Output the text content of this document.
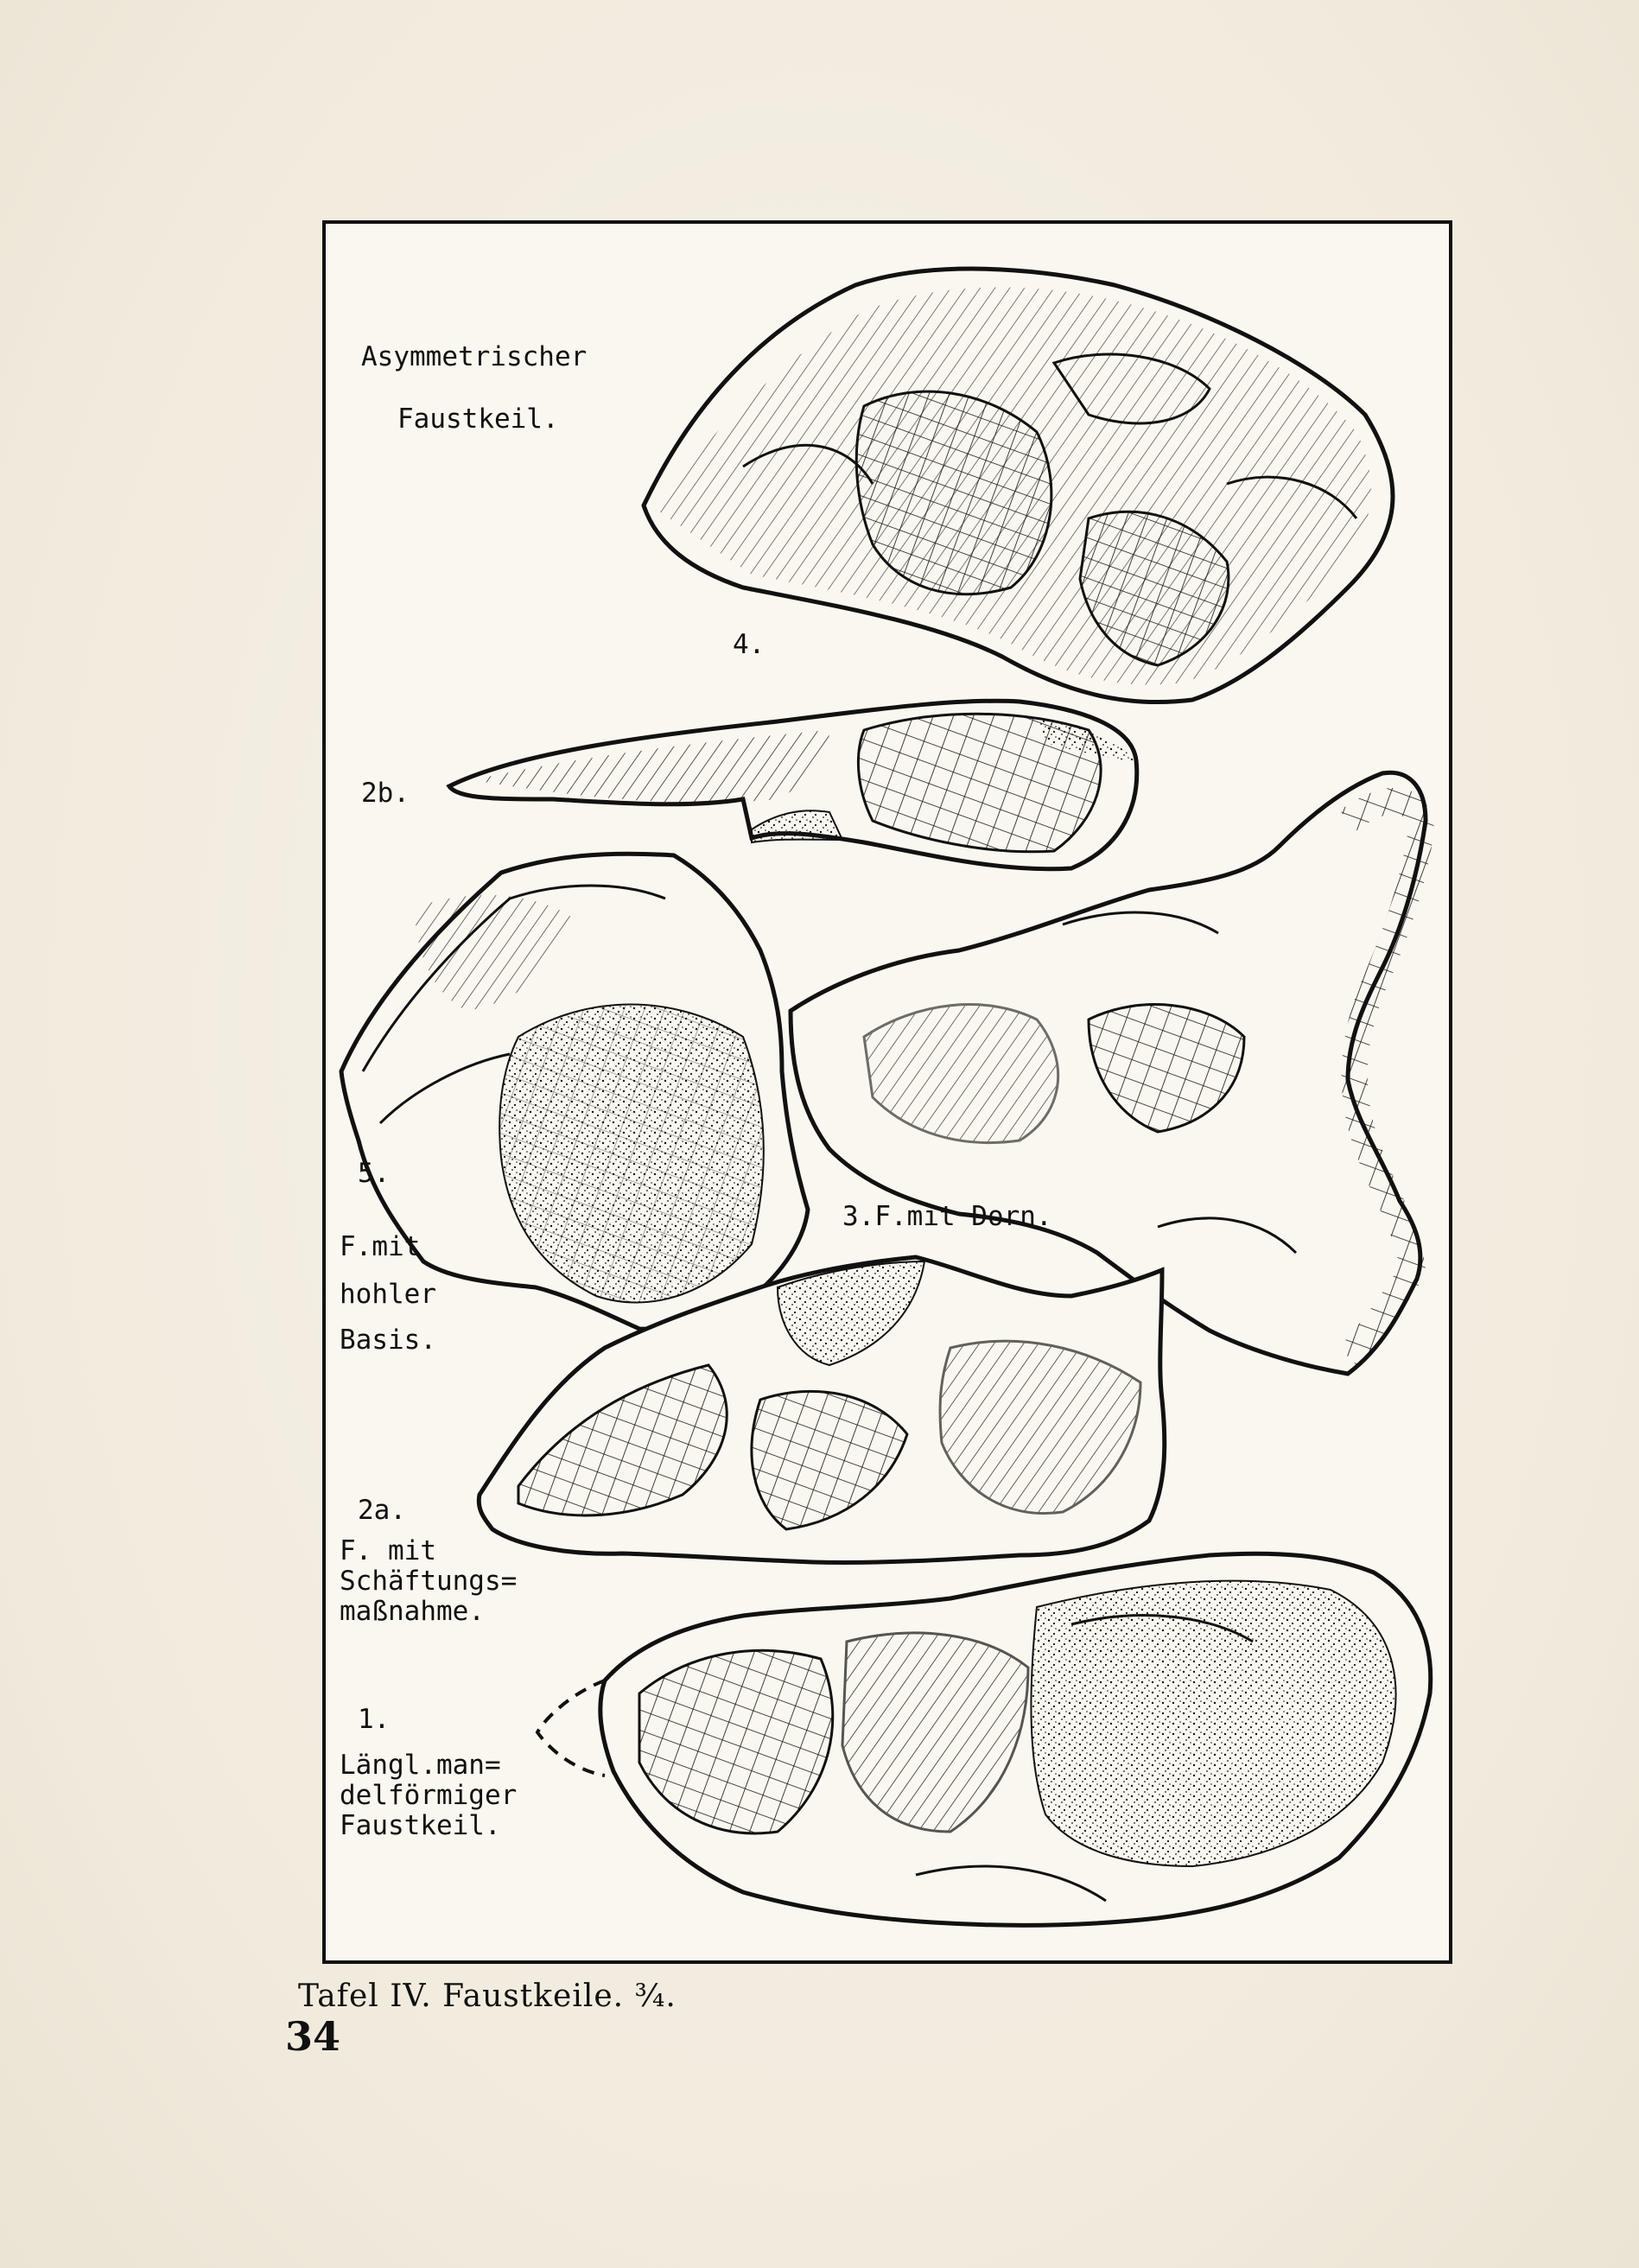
Asymmetrischer
Faustkeil.
4.
2b.
5.
F.mit
hohler
Basis.
3.F.mit Dorn.
2a.
F. mit
Schäftungs=
maßnahme.
1.
Längl.man=
delförmiger
Faustkeil.
Tafel IV. Faustkeile. ¾.
34
